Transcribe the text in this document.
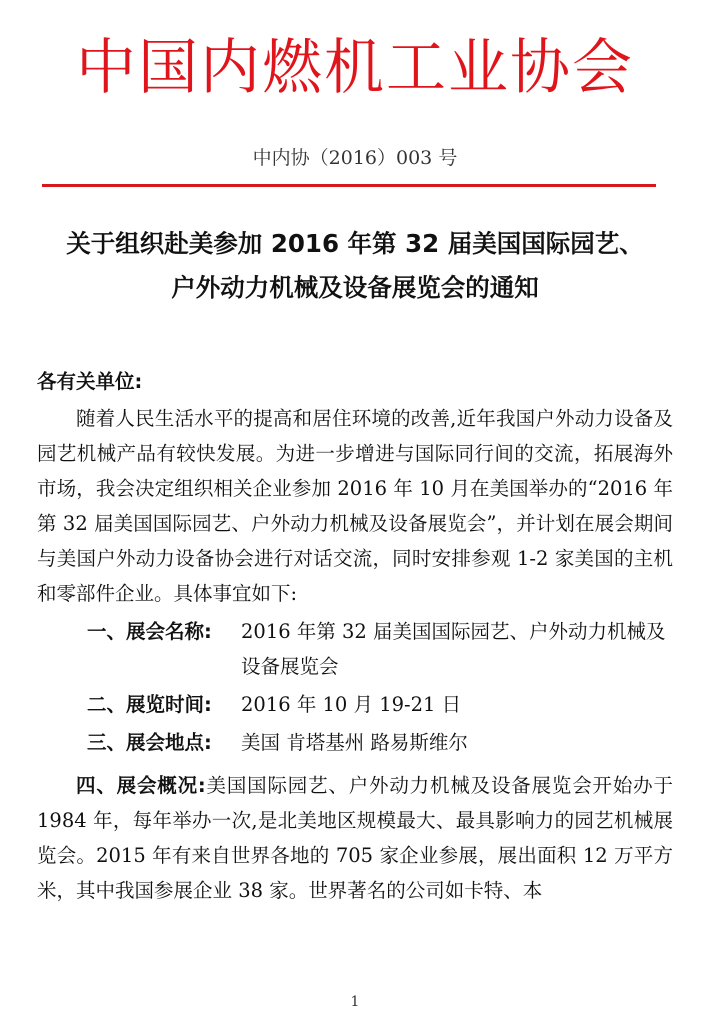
中国内燃机工业协会
中内协（2016）003 号
关于组织赴美参加 2016 年第 32 届美国国际园艺、
户外动力机械及设备展览会的通知

各有关单位:

随着人民生活水平的提高和居住环境的改善,近年我国户外动力设备及园艺机械产品有较快发展。为进一步增进与国际同行间的交流，拓展海外市场，我会决定组织相关企业参加 2016 年 10 月在美国举办的“2016 年第 32 届美国国际园艺、户外动力机械及设备展览会”，并计划在展会期间与美国户外动力设备协会进行对话交流，同时安排参观 1-2 家美国的主机和零部件企业。具体事宜如下:

一、展会名称:	2016 年第 32 届美国国际园艺、户外动力机械及设备展览会
二、展览时间:	2016 年 10 月 19-21 日
三、展会地点:	美国 肯塔基州 路易斯维尔

四、展会概况:美国国际园艺、户外动力机械及设备展览会开始办于 1984 年，每年举办一次,是北美地区规模最大、最具影响力的园艺机械展览会。2015 年有来自世界各地的 705 家企业参展，展出面积 12 万平方米，其中我国参展企业 38 家。世界著名的公司如卡特、本

1
